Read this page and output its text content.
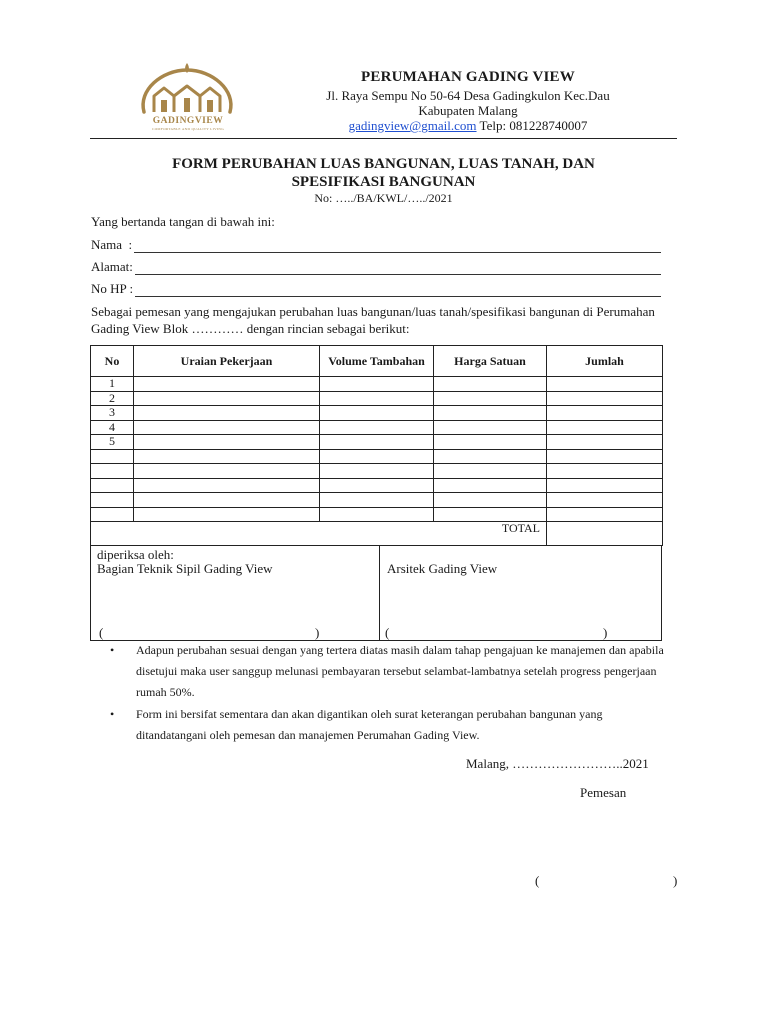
GADINGVIEW
COMFORTABLE AND QUALITY LIVING
PERUMAHAN GADING VIEW
Jl. Raya Sempu No 50-64 Desa Gadingkulon Kec.Dau
Kabupaten Malang
gadingview@gmail.com Telp: 081228740007
FORM PERUBAHAN LUAS BANGUNAN, LUAS TANAH, DAN
SPESIFIKASI BANGUNAN
No: …../BA/KWL/…../2021
Yang bertanda tangan di bawah ini:
Nama  :
Alamat:
No HP :
Sebagai pemesan yang mengajukan perubahan luas bangunan/luas tanah/spesifikasi bangunan di Perumahan Gading View Blok ………… dengan rincian sebagai berikut:
No	Uraian Pekerjaan	Volume Tambahan	Harga Satuan	Jumlah
1				
2				
3				
4				
5				

TOTAL				
diperiksa oleh:
Bagian Teknik Sipil Gading View	Arsitek Gading View
(	)	(	)
• Adapun perubahan sesuai dengan yang tertera diatas masih dalam tahap pengajuan ke manajemen dan apabila disetujui maka user sanggup melunasi pembayaran tersebut selambat-lambatnya setelah progress pengerjaan rumah 50%.
• Form ini bersifat sementara dan akan digantikan oleh surat keterangan perubahan bangunan yang ditandatangani oleh pemesan dan manajemen Perumahan Gading View.
Malang, ……………………..2021
Pemesan
(	)
